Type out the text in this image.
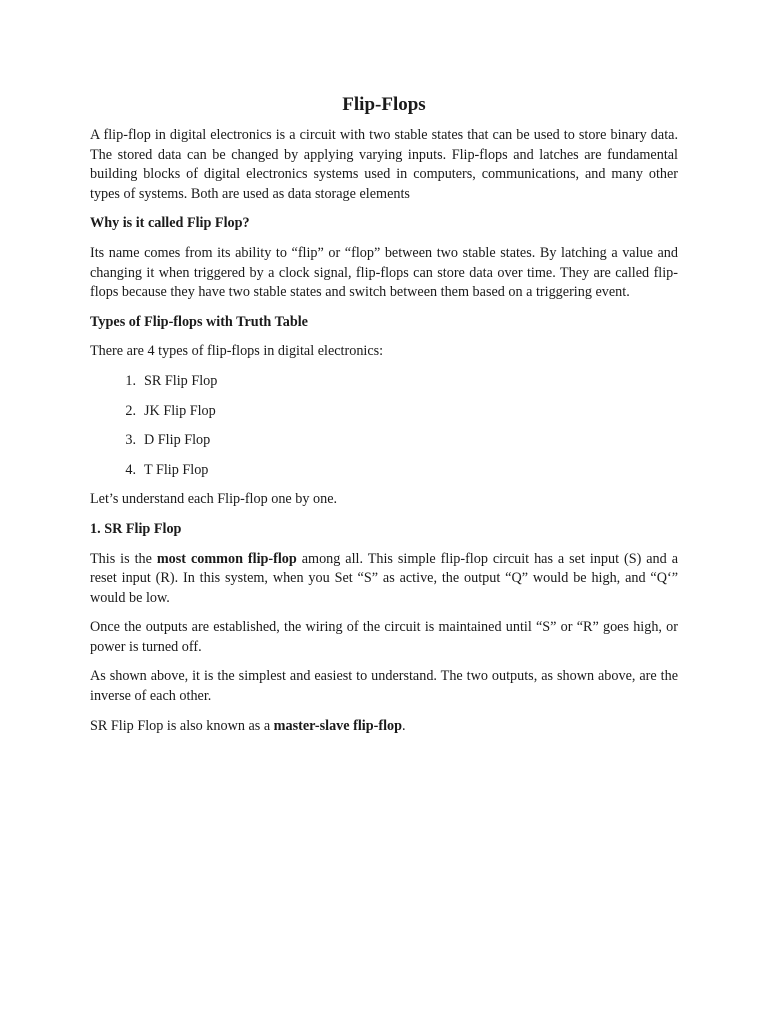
Flip-Flops

A flip-flop in digital electronics is a circuit with two stable states that can be used to store binary data. The stored data can be changed by applying varying inputs. Flip-flops and latches are fundamental building blocks of digital electronics systems used in computers, communications, and many other types of systems. Both are used as data storage elements

Why is it called Flip Flop?

Its name comes from its ability to “flip” or “flop” between two stable states. By latching a value and changing it when triggered by a clock signal, flip-flops can store data over time. They are called flip-flops because they have two stable states and switch between them based on a triggering event.

Types of Flip-flops with Truth Table

There are 4 types of flip-flops in digital electronics:

1. SR Flip Flop
2. JK Flip Flop
3. D Flip Flop
4. T Flip Flop

Let’s understand each Flip-flop one by one.

1. SR Flip Flop

This is the most common flip-flop among all. This simple flip-flop circuit has a set input (S) and a reset input (R). In this system, when you Set “S” as active, the output “Q” would be high, and “Q‘” would be low.

Once the outputs are established, the wiring of the circuit is maintained until “S” or “R” goes high, or power is turned off.

As shown above, it is the simplest and easiest to understand. The two outputs, as shown above, are the inverse of each other.

SR Flip Flop is also known as a master-slave flip-flop.
